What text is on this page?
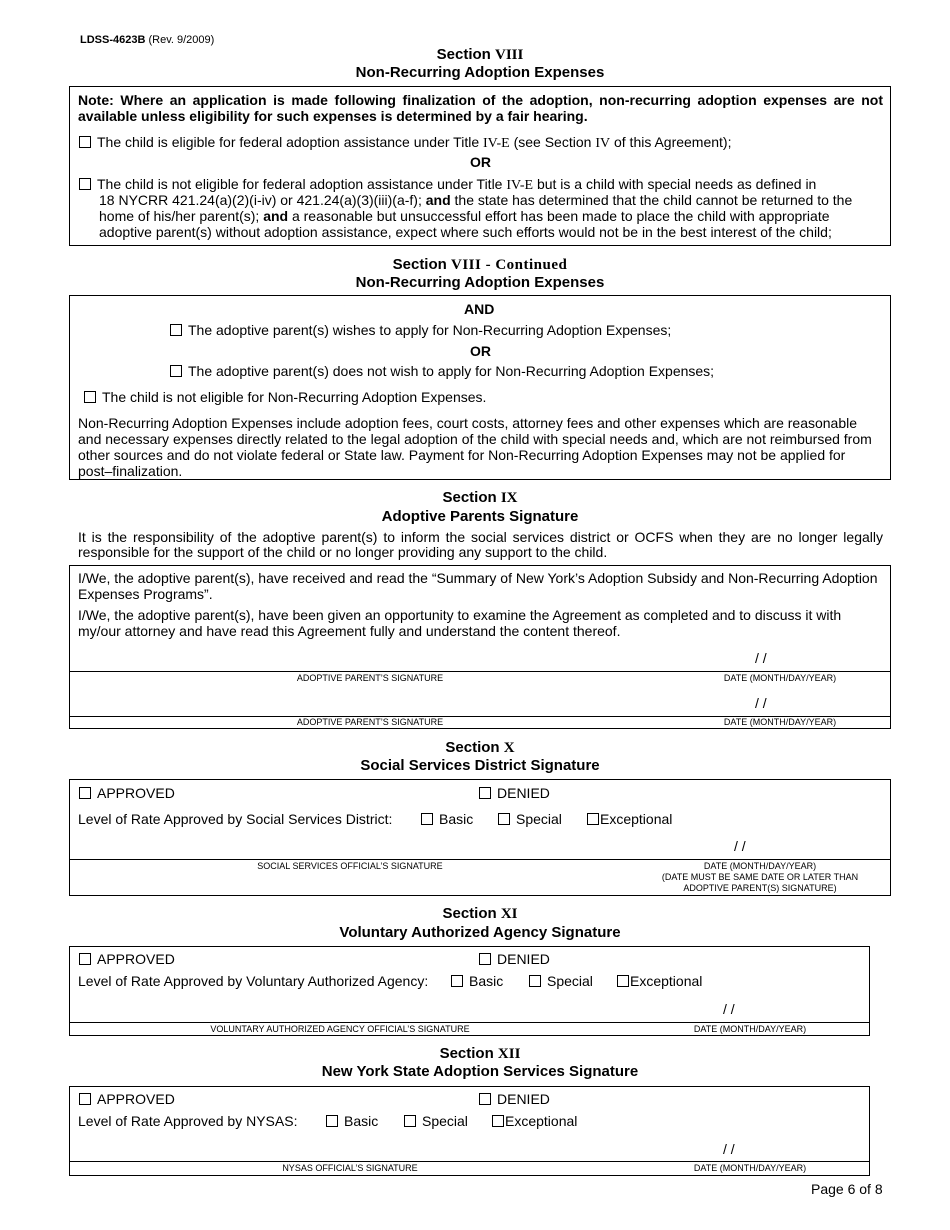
LDSS-4623B (Rev. 9/2009)
Section VIII
Non-Recurring Adoption Expenses
Note: Where an application is made following finalization of the adoption, non-recurring adoption expenses are not available unless eligibility for such expenses is determined by a fair hearing.
The child is eligible for federal adoption assistance under Title IV-E (see Section IV of this Agreement);
OR
The child is not eligible for federal adoption assistance under Title IV-E but is a child with special needs as defined in
18 NYCRR 421.24(a)(2)(i-iv) or 421.24(a)(3)(iii)(a-f); and the state has determined that the child cannot be returned to the
home of his/her parent(s); and a reasonable but unsuccessful effort has been made to place the child with appropriate
adoptive parent(s) without adoption assistance, expect where such efforts would not be in the best interest of the child;
Section VIII - Continued
Non-Recurring Adoption Expenses
AND
The adoptive parent(s) wishes to apply for Non-Recurring Adoption Expenses;
OR
The adoptive parent(s) does not wish to apply for Non-Recurring Adoption Expenses;
The child is not eligible for Non-Recurring Adoption Expenses.
Non-Recurring Adoption Expenses include adoption fees, court costs, attorney fees and other expenses which are reasonable and necessary expenses directly related to the legal adoption of the child with special needs and, which are not reimbursed from other sources and do not violate federal or State law. Payment for Non-Recurring Adoption Expenses may not be applied for post–finalization.
Section IX
Adoptive Parents Signature
It is the responsibility of the adoptive parent(s) to inform the social services district or OCFS when they are no longer legally responsible for the support of the child or no longer providing any support to the child.
I/We, the adoptive parent(s), have received and read the “Summary of New York’s Adoption Subsidy and Non-Recurring Adoption Expenses Programs”.
I/We, the adoptive parent(s), have been given an opportunity to examine the Agreement as completed and to discuss it with my/our attorney and have read this Agreement fully and understand the content thereof.
/ /
ADOPTIVE PARENT’S SIGNATURE	DATE (MONTH/DAY/YEAR)
/ /
ADOPTIVE PARENT’S SIGNATURE	DATE (MONTH/DAY/YEAR)
Section X
Social Services District Signature
APPROVED	DENIED
Level of Rate Approved by Social Services District:	Basic	Special	Exceptional
/ /
SOCIAL SERVICES OFFICIAL’S SIGNATURE	DATE (MONTH/DAY/YEAR)
(DATE MUST BE SAME DATE OR LATER THAN
ADOPTIVE PARENT(S) SIGNATURE)
Section XI
Voluntary Authorized Agency Signature
APPROVED	DENIED
Level of Rate Approved by Voluntary Authorized Agency:	Basic	Special	Exceptional
/ /
VOLUNTARY AUTHORIZED AGENCY OFFICIAL’S SIGNATURE	DATE (MONTH/DAY/YEAR)
Section XII
New York State Adoption Services Signature
APPROVED	DENIED
Level of Rate Approved by NYSAS:	Basic	Special	Exceptional
/ /
NYSAS OFFICIAL’S SIGNATURE	DATE (MONTH/DAY/YEAR)
Page 6 of 8
